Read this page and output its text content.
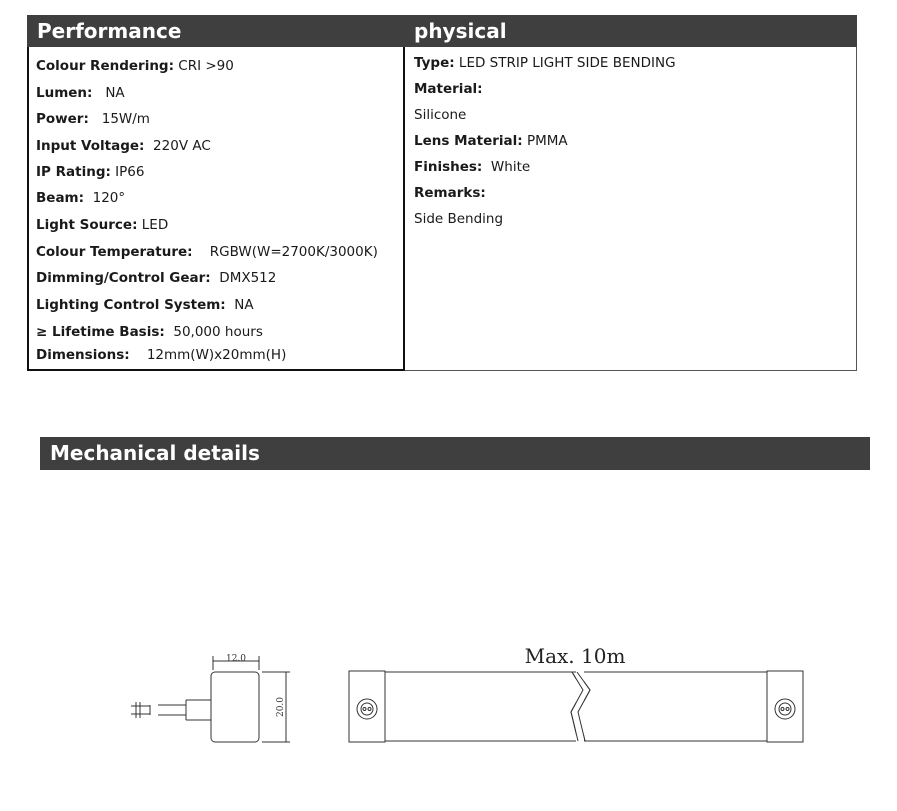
Performance	physical
Colour Rendering: CRI >90
Lumen:   NA
Power:   15W/m
Input Voltage:  220V AC
IP Rating: IP66
Beam:  120°
Light Source: LED
Colour Temperature:    RGBW(W=2700K/3000K)
Dimming/Control Gear:  DMX512
Lighting Control System:  NA
≥ Lifetime Basis:  50,000 hours
Dimensions:    12mm(W)x20mm(H)
Type: LED STRIP LIGHT SIDE BENDING
Material:
Silicone
Lens Material: PMMA
Finishes:  White
Remarks:
Side Bending
Mechanical details
12.0
20.0
Max. 10m
